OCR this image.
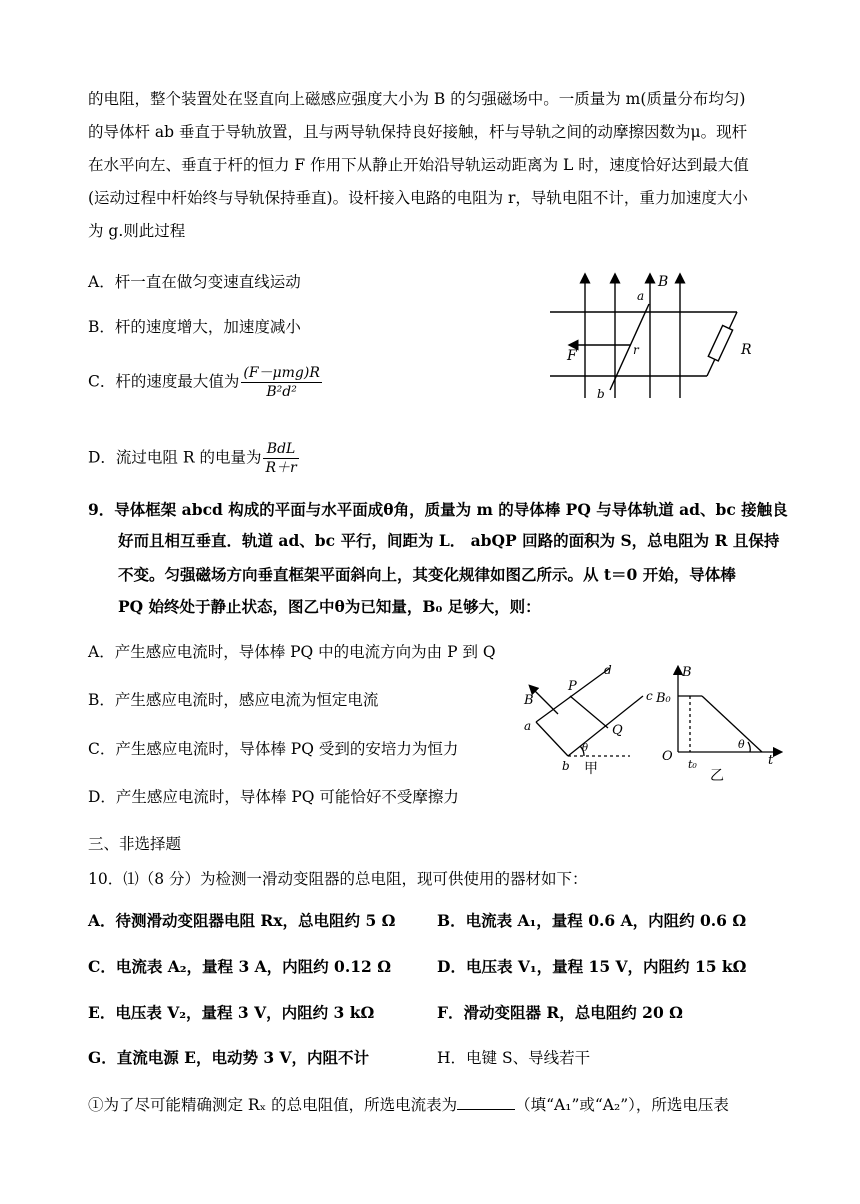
的电阻，整个装置处在竖直向上磁感应强度大小为 B 的匀强磁场中。一质量为 m(质量分布均匀)
的导体杆 ab 垂直于导轨放置，且与两导轨保持良好接触，杆与导轨之间的动摩擦因数为μ。现杆
在水平向左、垂直于杆的恒力 F 作用下从静止开始沿导轨运动距离为 L 时，速度恰好达到最大值
(运动过程中杆始终与导轨保持垂直)。设杆接入电路的电阻为 r，导轨电阻不计，重力加速度大小
为 g.则此过程
A．杆一直在做匀变速直线运动
B．杆的速度增大，加速度减小
C．杆的速度最大值为 $\frac{\text{(F－μmg)R}}{\text{B²d²}}$
D．流过电阻 R 的电量为 $\frac{\text{BdL}}{R+r}$
B
a
r
F	R
b
9．导体框架 abcd 构成的平面与水平面成θ角，质量为 m 的导体棒 PQ 与导体轨道 ad、bc 接触良
好而且相互垂直．轨道 ad、bc 平行，间距为 L． abQP 回路的面积为 S，总电阻为 R 且保持
不变。匀强磁场方向垂直框架平面斜向上，其变化规律如图乙所示。从 t＝0 开始，导体棒
PQ 始终处于静止状态，图乙中θ为已知量，B₀ 足够大，则：
A．产生感应电流时，导体棒 PQ 中的电流方向为由 P 到 Q
B．产生感应电流时，感应电流为恒定电流
C．产生感应电流时，导体棒 PQ 受到的安培力为恒力
D．产生感应电流时，导体棒 PQ 可能恰好不受摩擦力
d
P
B	c
a	Q
θ
b 甲
B
B₀
O
t₀
θ
t
乙
三、非选择题
10．⑴（8 分）为检测一滑动变阻器的总电阻，现可供使用的器材如下：
A．待测滑动变阻器电阻 Rx，总电阻约 5 Ω	B．电流表 A₁，量程 0.6 A，内阻约 0.6 Ω
C．电流表 A₂，量程 3 A，内阻约 0.12 Ω	D．电压表 V₁，量程 15 V，内阻约 15 kΩ
E．电压表 V₂，量程 3 V，内阻约 3 kΩ	F．滑动变阻器 R，总电阻约 20 Ω
G．直流电源 E，电动势 3 V，内阻不计	H．电键 S、导线若干
①为了尽可能精确测定 Rₓ 的总电阻值，所选电流表为	（填“A₁”或“A₂”），所选电压表
